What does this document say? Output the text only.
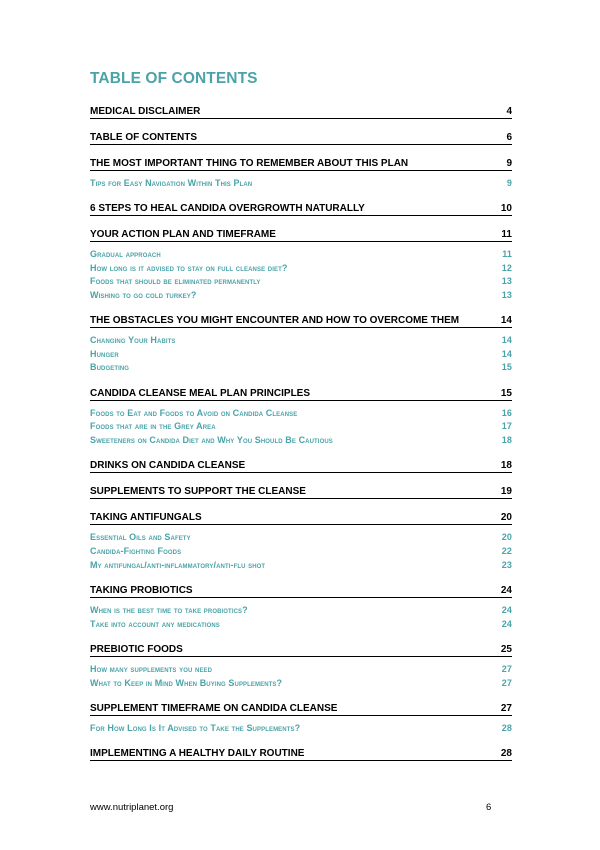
TABLE OF CONTENTS
MEDICAL DISCLAIMER	4
TABLE OF CONTENTS	6
THE MOST IMPORTANT THING TO REMEMBER ABOUT THIS PLAN	9
Tips for Easy Navigation Within This Plan	9
6 STEPS TO HEAL CANDIDA OVERGROWTH NATURALLY	10
YOUR ACTION PLAN AND TIMEFRAME	11
Gradual approach	11
How long is it advised to stay on full cleanse diet?	12
Foods that should be eliminated permanently	13
Wishing to go cold turkey?	13
THE OBSTACLES YOU MIGHT ENCOUNTER AND HOW TO OVERCOME THEM	14
Changing Your Habits	14
Hunger	14
Budgeting	15
CANDIDA CLEANSE MEAL PLAN PRINCIPLES	15
Foods to Eat and Foods to Avoid on Candida Cleanse	16
Foods that are in the Grey Area	17
Sweeteners on Candida Diet and Why You Should Be Cautious	18
DRINKS ON CANDIDA CLEANSE	18
SUPPLEMENTS TO SUPPORT THE CLEANSE	19
TAKING ANTIFUNGALS	20
Essential Oils and Safety	20
Candida-Fighting Foods	22
My antifungal/anti-inflammatory/anti-flu shot	23
TAKING PROBIOTICS	24
When is the best time to take probiotics?	24
Take into account any medications	24
PREBIOTIC FOODS	25
How many supplements you need	27
What to Keep in Mind When Buying Supplements?	27
SUPPLEMENT TIMEFRAME ON CANDIDA CLEANSE	27
For How Long Is It Advised to Take the Supplements?	28
IMPLEMENTING A HEALTHY DAILY ROUTINE	28
www.nutriplanet.org	6
